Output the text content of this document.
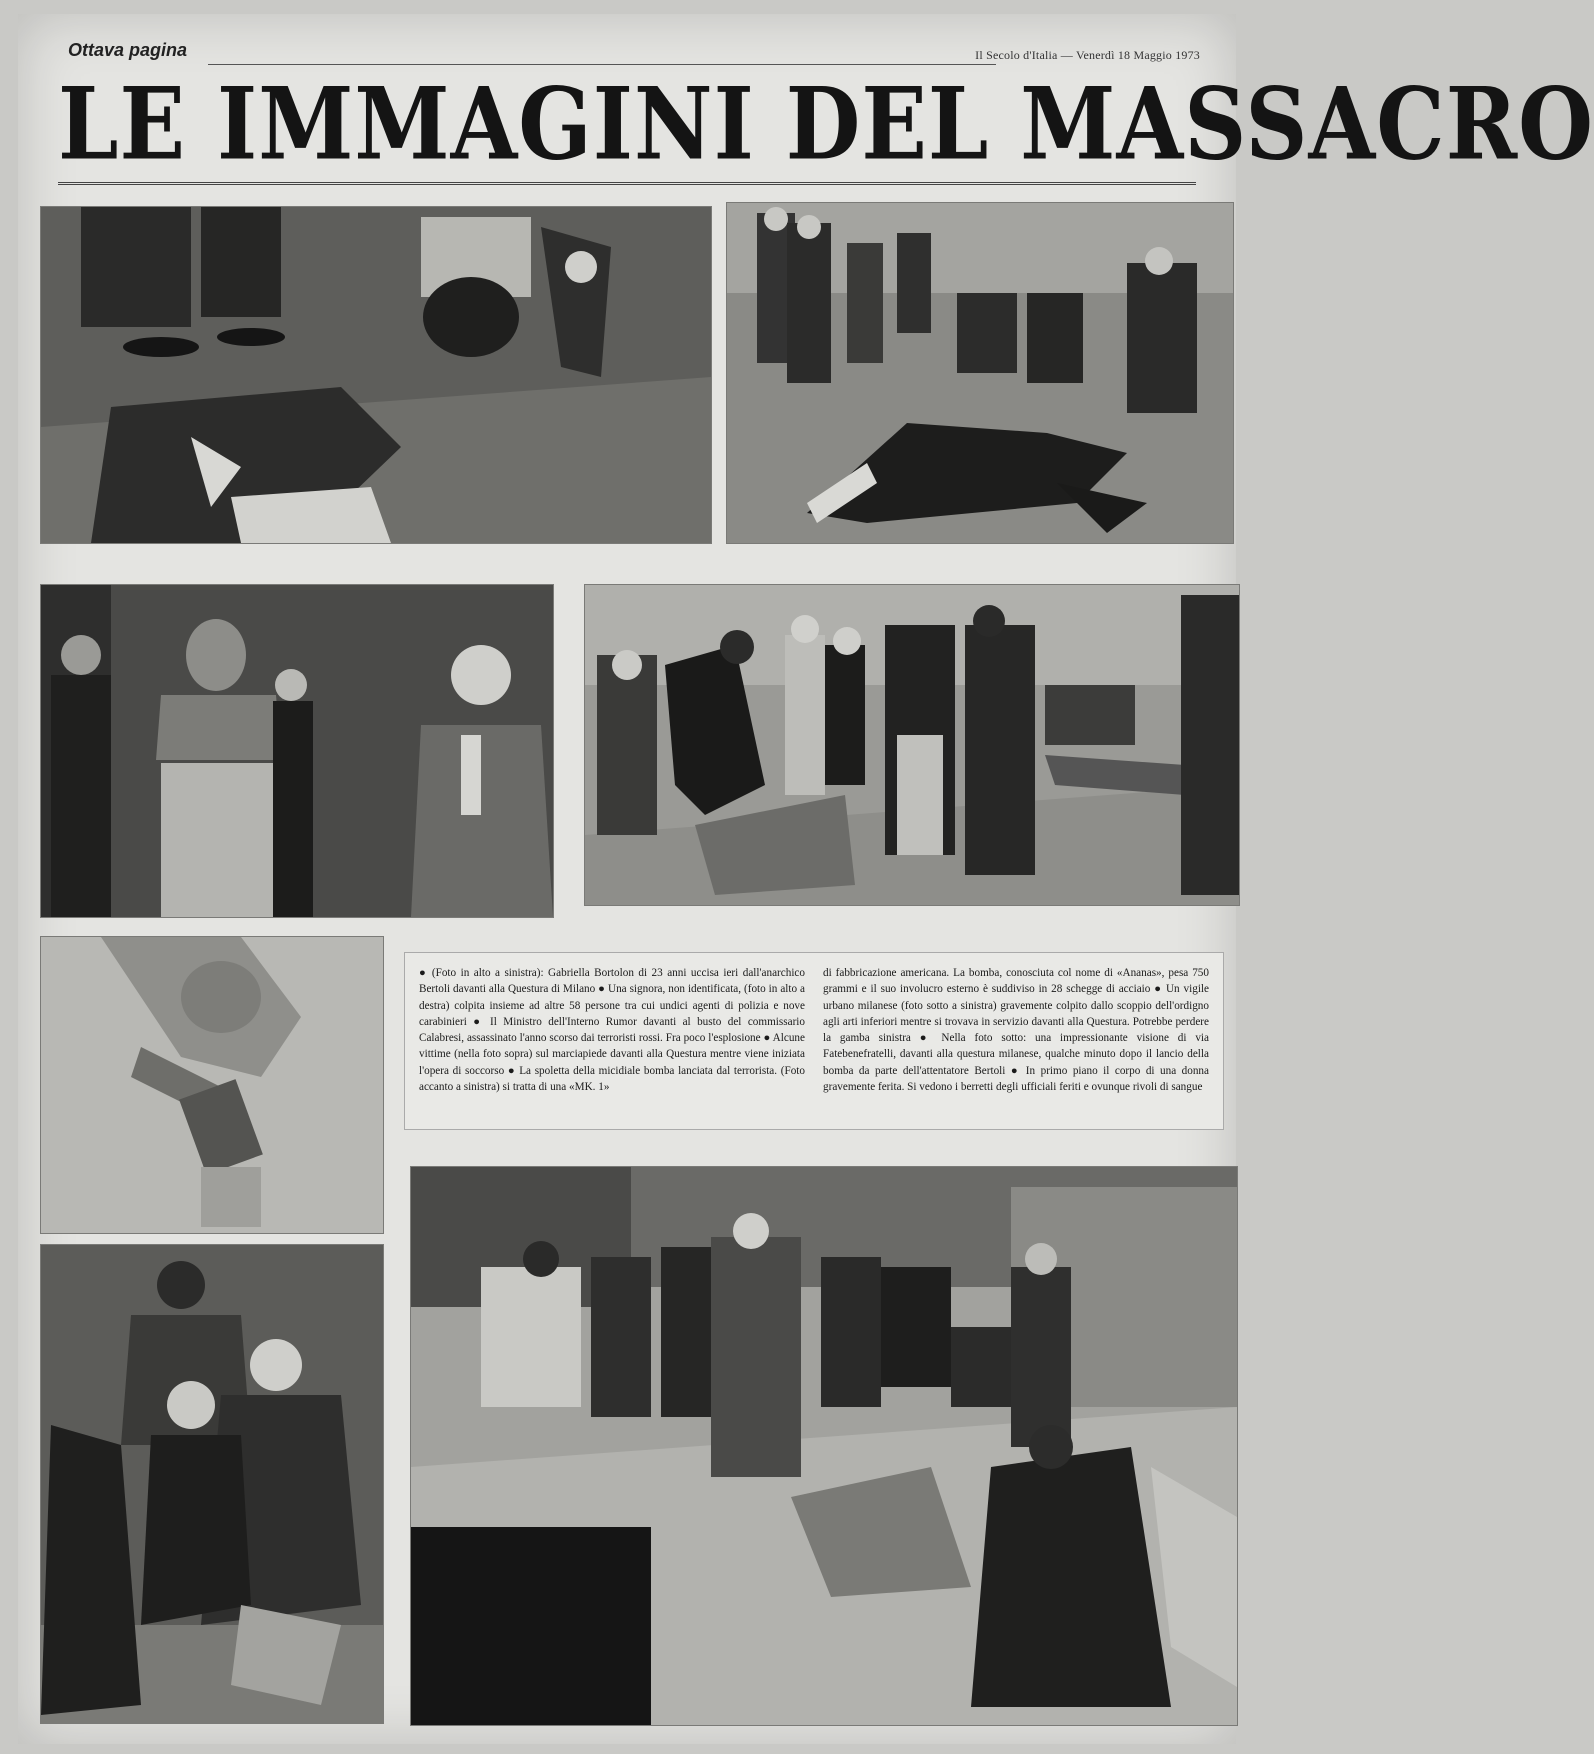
Ottava pagina	Il Secolo d'Italia — Venerdì 18 Maggio 1973
LE IMMAGINI DEL MASSACRO

● (Foto in alto a sinistra): Gabriella Bortolon di 23 anni uccisa ieri dall'anarchico Bertoli davanti alla Questura di Milano ● Una signora, non identificata, (foto in alto a destra) colpita insieme ad altre 58 persone tra cui undici agenti di polizia e nove carabinieri ● Il Ministro dell'Interno Rumor davanti al busto del commissario Calabresi, assassinato l'anno scorso dai terroristi rossi. Fra poco l'esplosione ● Alcune vittime (nella foto sopra) sul marciapiede davanti alla Questura mentre viene iniziata l'opera di soccorso ● La spoletta della micidiale bomba lanciata dal terrorista. (Foto accanto a sinistra) si tratta di una «MK. 1»

di fabbricazione americana. La bomba, conosciuta col nome di «Ananas», pesa 750 grammi e il suo involucro esterno è suddiviso in 28 schegge di acciaio ● Un vigile urbano milanese (foto sotto a sinistra) gravemente colpito dallo scoppio dell'ordigno agli arti inferiori mentre si trovava in servizio davanti alla Questura. Potrebbe perdere la gamba sinistra ● Nella foto sotto: una impressionante visione di via Fatebenefratelli, davanti alla questura milanese, qualche minuto dopo il lancio della bomba da parte dell'attentatore Bertoli ● In primo piano il corpo di una donna gravemente ferita. Si vedono i berretti degli ufficiali feriti e ovunque rivoli di sangue
